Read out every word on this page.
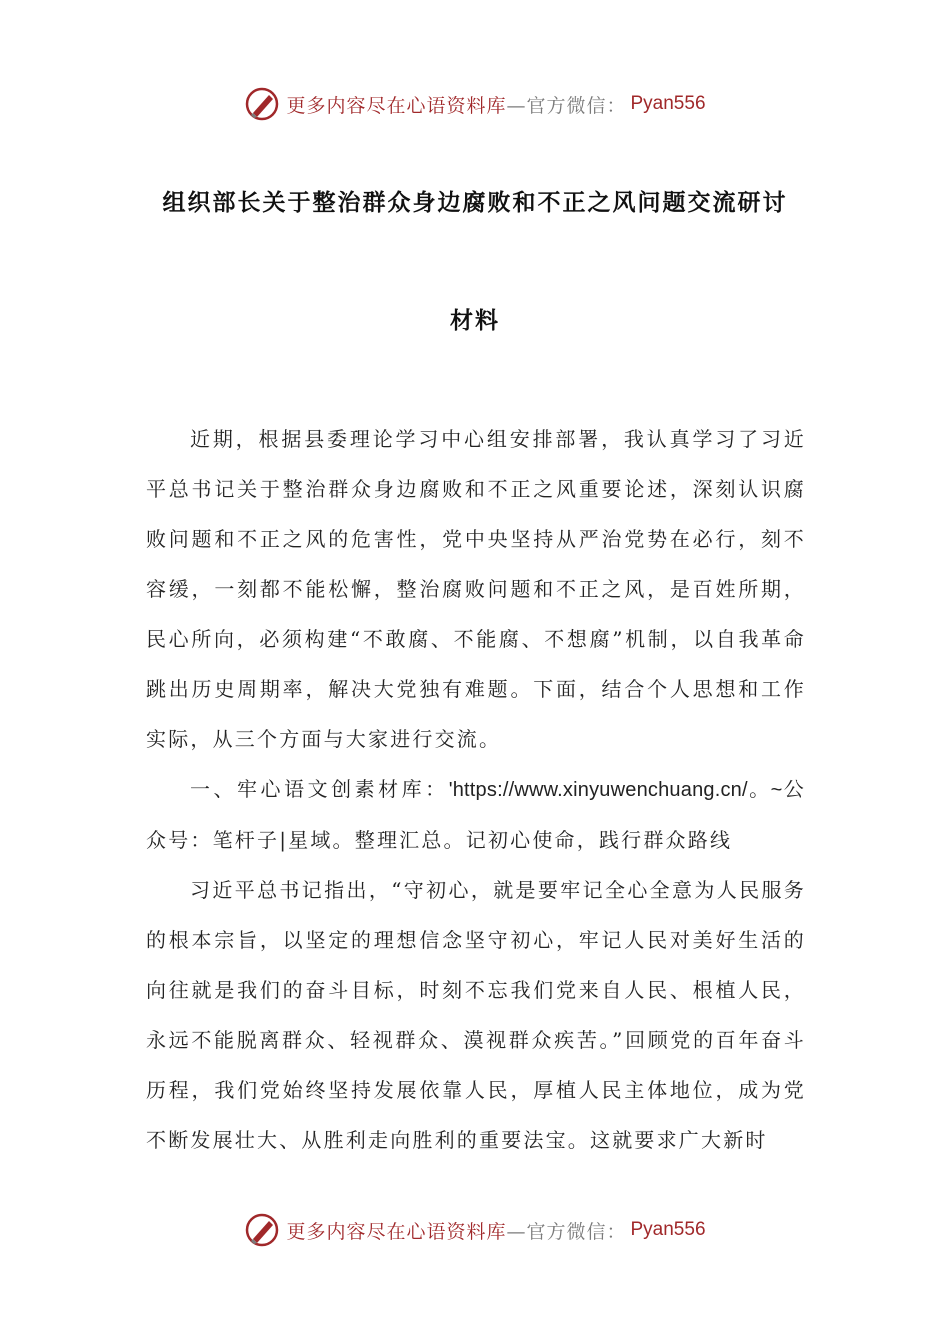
更多内容尽在心语资料库 —官方微信： Pyan556
组织部长关于整治群众身边腐败和不正之风问题交流研讨
材料

近期，根据县委理论学习中心组安排部署，我认真学习了习近平总书记关于整治群众身边腐败和不正之风重要论述，深刻认识腐败问题和不正之风的危害性，党中央坚持从严治党势在必行，刻不容缓，一刻都不能松懈，整治腐败问题和不正之风，是百姓所期，民心所向，必须构建“不敢腐、不能腐、不想腐”机制，以自我革命跳出历史周期率，解决大党独有难题。下面，结合个人思想和工作实际，从三个方面与大家进行交流。

一、牢心语文创素材库：'https://www.xinyuwenchuang.cn/。~公众号：笔杆子|星域。整理汇总。记初心使命，践行群众路线

习近平总书记指出，“守初心，就是要牢记全心全意为人民服务的根本宗旨，以坚定的理想信念坚守初心，牢记人民对美好生活的向往就是我们的奋斗目标，时刻不忘我们党来自人民、根植人民，永远不能脱离群众、轻视群众、漠视群众疾苦。”回顾党的百年奋斗历程，我们党始终坚持发展依靠人民，厚植人民主体地位，成为党不断发展壮大、从胜利走向胜利的重要法宝。这就要求广大新时

更多内容尽在心语资料库 —官方微信： Pyan556
